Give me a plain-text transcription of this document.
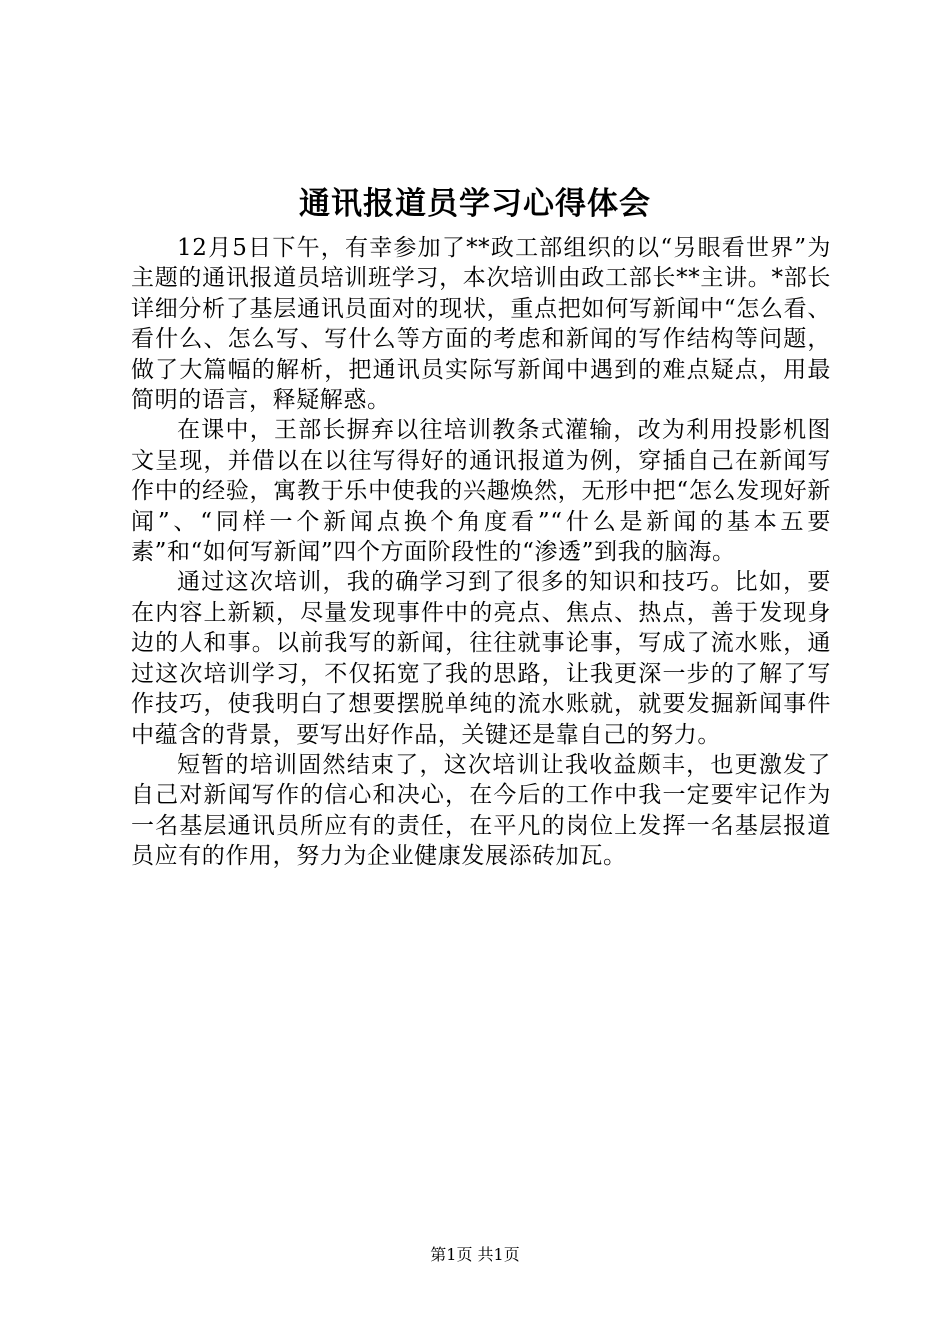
通讯报道员学习心得体会

12月5日下午，有幸参加了**政工部组织的以“另眼看世界”为主题的通讯报道员培训班学习，本次培训由政工部长**主讲。*部长详细分析了基层通讯员面对的现状，重点把如何写新闻中“怎么看、看什么、怎么写、写什么等方面的考虑和新闻的写作结构等问题，做了大篇幅的解析，把通讯员实际写新闻中遇到的难点疑点，用最简明的语言，释疑解惑。

在课中，王部长摒弃以往培训教条式灌输，改为利用投影机图文呈现，并借以在以往写得好的通讯报道为例，穿插自己在新闻写作中的经验，寓教于乐中使我的兴趣焕然，无形中把“怎么发现好新闻”、“同样一个新闻点换个角度看”“什么是新闻的基本五要素”和“如何写新闻”四个方面阶段性的“渗透”到我的脑海。

通过这次培训，我的确学习到了很多的知识和技巧。比如，要在内容上新颖，尽量发现事件中的亮点、焦点、热点，善于发现身边的人和事。以前我写的新闻，往往就事论事，写成了流水账，通过这次培训学习，不仅拓宽了我的思路，让我更深一步的了解了写作技巧，使我明白了想要摆脱单纯的流水账就，就要发掘新闻事件中蕴含的背景，要写出好作品，关键还是靠自己的努力。

短暂的培训固然结束了，这次培训让我收益颇丰，也更激发了自己对新闻写作的信心和决心，在今后的工作中我一定要牢记作为一名基层通讯员所应有的责任，在平凡的岗位上发挥一名基层报道员应有的作用，努力为企业健康发展添砖加瓦。

第1页 共1页
